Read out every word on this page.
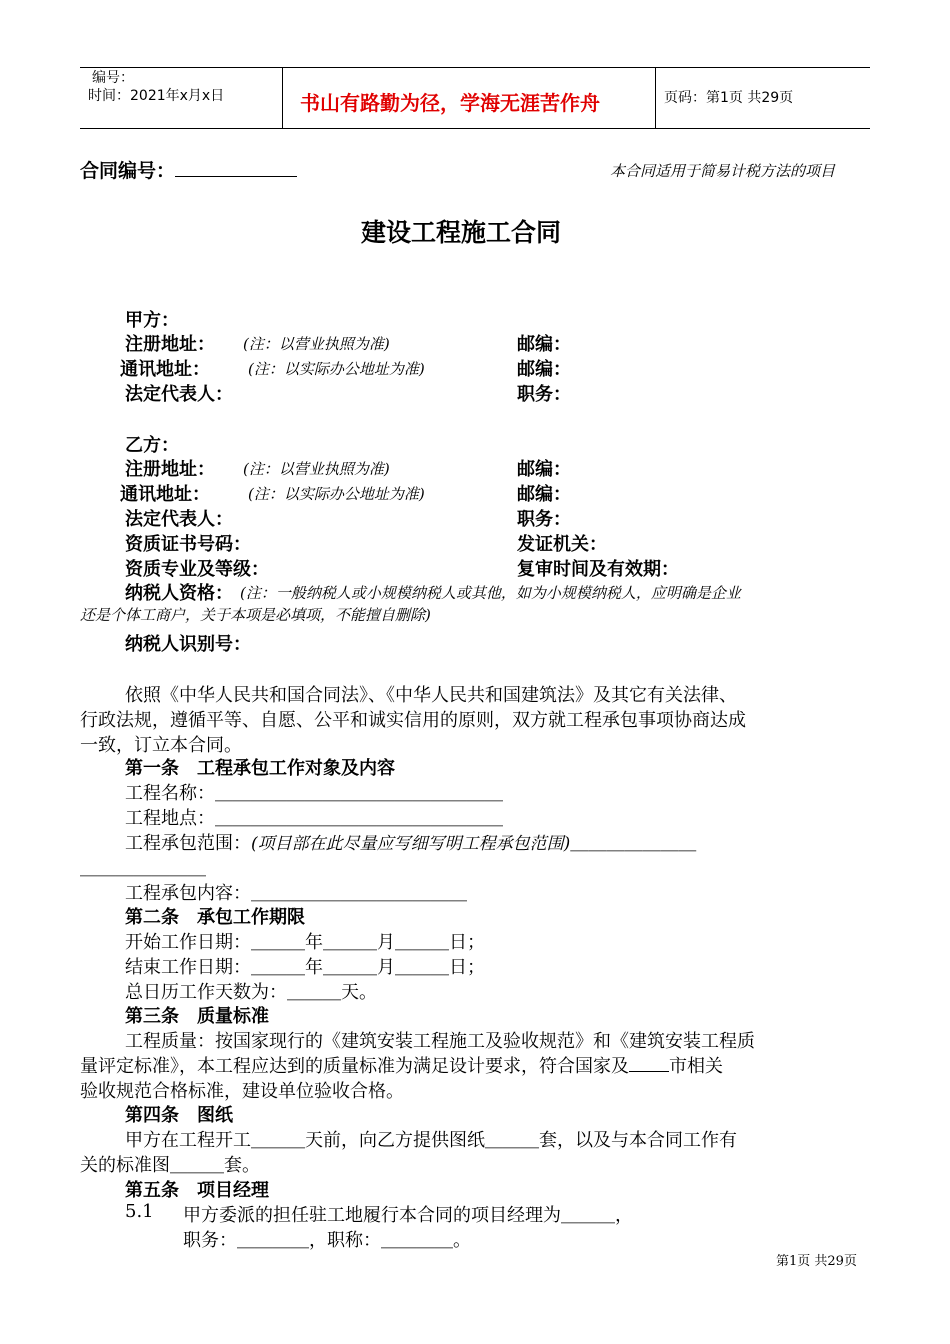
编号：
时间：2021年x月x日	书山有路勤为径，学海无涯苦作舟	页码：第1页 共29页
合同编号：	本合同适用于简易计税方法的项目
建设工程施工合同
甲方：
注册地址： (注：以营业执照为准)	邮编：
通讯地址：	(注：以实际办公地址为准)	邮编：
法定代表人：	职务：
乙方：
注册地址： (注：以营业执照为准)	邮编：
通讯地址：	(注：以实际办公地址为准)	邮编：
法定代表人：	职务：
资质证书号码：	发证机关：
资质专业及等级：	复审时间及有效期：
纳税人资格： (注：一般纳税人或小规模纳税人或其他，如为小规模纳税人，应明确是企业
还是个体工商户，关于本项是必填项，不能擅自删除)
纳税人识别号：
依照《中华人民共和国合同法》、《中华人民共和国建筑法》及其它有关法律、
行政法规，遵循平等、自愿、公平和诚实信用的原则，双方就工程承包事项协商达成
一致，订立本合同。
第一条　工程承包工作对象及内容
工程名称：＿＿＿＿＿＿＿＿＿＿＿＿＿＿＿＿
工程地点：＿＿＿＿＿＿＿＿＿＿＿＿＿＿＿＿
工程承包范围：(项目部在此尽量应写细写明工程承包范围)＿＿＿＿＿＿＿
＿＿＿＿＿＿＿
工程承包内容：＿＿＿＿＿＿＿＿＿＿＿＿
第二条　承包工作期限
开始工作日期：＿＿＿年＿＿＿月＿＿＿日；
结束工作日期：＿＿＿年＿＿＿月＿＿＿日；
总日历工作天数为：＿＿＿天。
第三条　质量标准
工程质量：按国家现行的《建筑安装工程施工及验收规范》和《建筑安装工程质
量评定标准》，本工程应达到的质量标准为满足设计要求，符合国家及 市相关
验收规范合格标准，建设单位验收合格。
第四条　图纸
甲方在工程开工＿＿＿天前，向乙方提供图纸＿＿＿套，以及与本合同工作有
关的标准图＿＿＿套。
第五条　项目经理
5.1 甲方委派的担任驻工地履行本合同的项目经理为＿＿＿，
职务：＿＿＿＿，职称：＿＿＿＿。
第1页 共29页
